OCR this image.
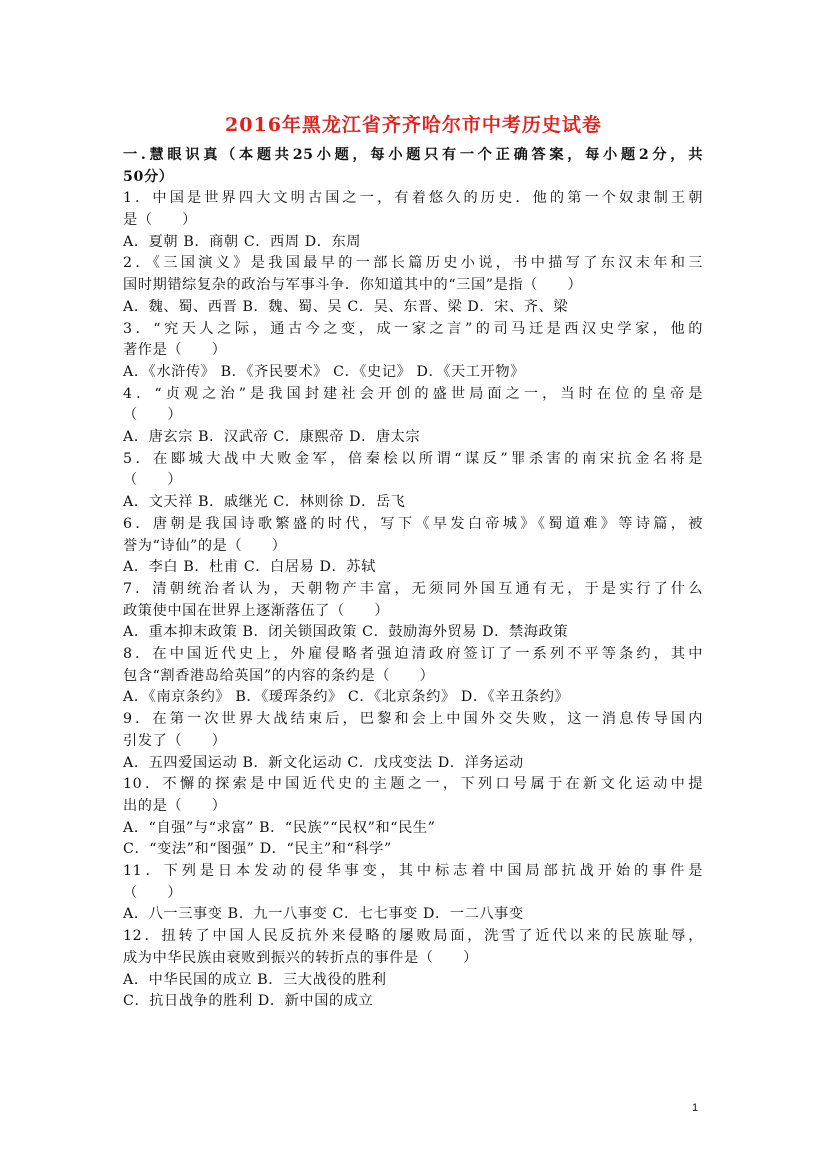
2016年黑龙江省齐齐哈尔市中考历史试卷
一.慧眼识真（本题共25小题，每小题只有一个正确答案，每小题2分，共
50分）
1．中国是世界四大文明古国之一，有着悠久的历史．他的第一个奴隶制王朝
是（　　）
A．夏朝 B．商朝 C．西周 D．东周
2．《三国演义》是我国最早的一部长篇历史小说，书中描写了东汉末年和三
国时期错综复杂的政治与军事斗争．你知道其中的“三国”是指（　　）
A．魏、蜀、西晋 B．魏、蜀、吴 C．吴、东晋、梁 D．宋、齐、梁
3．“究天人之际，通古今之变，成一家之言”的司马迁是西汉史学家，他的
著作是（　　）
A．《水浒传》 B．《齐民要术》 C．《史记》 D．《天工开物》
4．“贞观之治”是我国封建社会开创的盛世局面之一，当时在位的皇帝是
（　　）
A．唐玄宗 B．汉武帝 C．康熙帝 D．唐太宗
5．在郾城大战中大败金军，倍秦桧以所谓“谋反”罪杀害的南宋抗金名将是
（　　）
A．文天祥 B．戚继光 C．林则徐 D．岳飞
6．唐朝是我国诗歌繁盛的时代，写下《早发白帝城》《蜀道难》等诗篇，被
誉为“诗仙”的是（　　）
A．李白 B．杜甫 C．白居易 D．苏轼
7．清朝统治者认为，天朝物产丰富，无须同外国互通有无，于是实行了什么
政策使中国在世界上逐渐落伍了（　　）
A．重本抑末政策 B．闭关锁国政策 C．鼓励海外贸易 D．禁海政策
8．在中国近代史上，外雇侵略者强迫清政府签订了一系列不平等条约，其中
包含“割香港岛给英国”的内容的条约是（　　）
A．《南京条约》 B．《瑷珲条约》 C．《北京条约》 D．《辛丑条约》
9．在第一次世界大战结束后，巴黎和会上中国外交失败，这一消息传导国内
引发了（　　）
A．五四爱国运动 B．新文化运动 C．戊戌变法 D．洋务运动
10．不懈的探索是中国近代史的主题之一，下列口号属于在新文化运动中提
出的是（　　）
A．“自强”与“求富” B．“民族”“民权”和“民生”
C．“变法”和“图强” D．“民主”和“科学”
11．下列是日本发动的侵华事变，其中标志着中国局部抗战开始的事件是
（　　）
A．八一三事变 B．九一八事变 C．七七事变 D．一二八事变
12．扭转了中国人民反抗外来侵略的屡败局面，洗雪了近代以来的民族耻辱，
成为中华民族由衰败到振兴的转折点的事件是（　　）
A．中华民国的成立 B．三大战役的胜利
C．抗日战争的胜利 D．新中国的成立
1
